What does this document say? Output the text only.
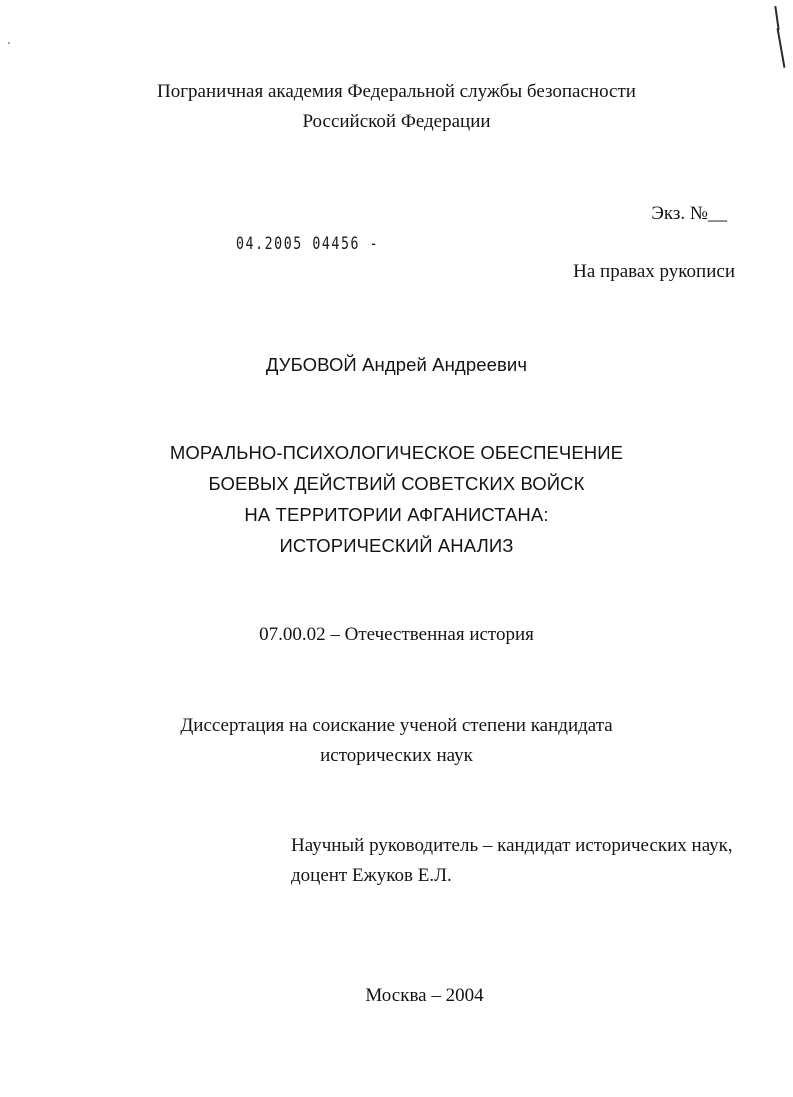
Пограничная академия Федеральной службы безопасности
Российской Федерации
Экз. №__
04.2005 04456 -
На правах рукописи
ДУБОВОЙ Андрей Андреевич
МОРАЛЬНО-ПСИХОЛОГИЧЕСКОЕ ОБЕСПЕЧЕНИЕ
БОЕВЫХ ДЕЙСТВИЙ СОВЕТСКИХ ВОЙСК
НА ТЕРРИТОРИИ АФГАНИСТАНА:
ИСТОРИЧЕСКИЙ АНАЛИЗ
07.00.02 – Отечественная история
Диссертация на соискание ученой степени кандидата
исторических наук
Научный руководитель – кандидат исторических наук,
доцент Ежуков Е.Л.
Москва – 2004
